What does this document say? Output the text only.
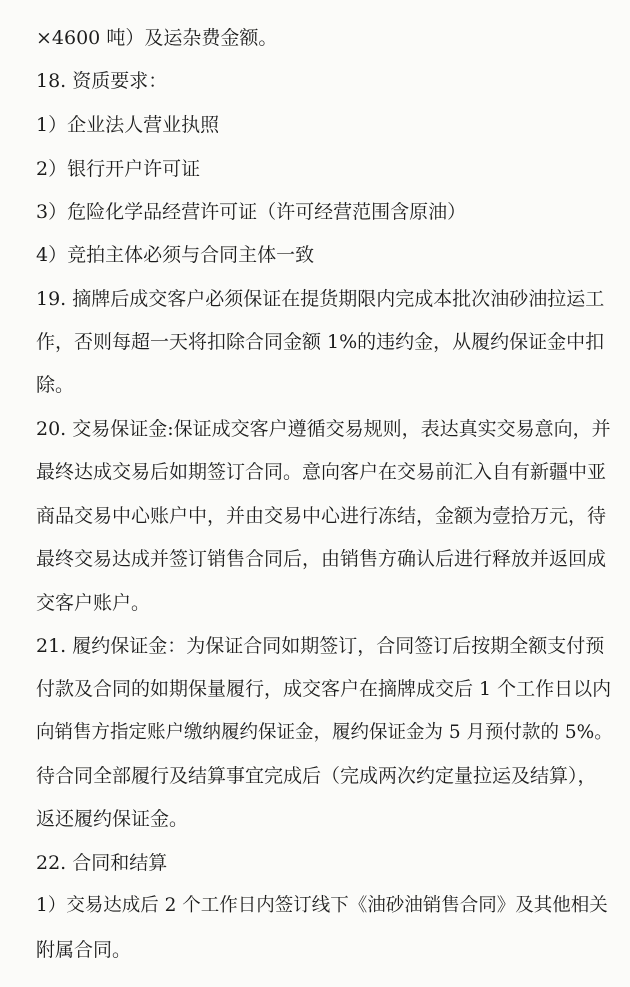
×4600 吨）及运杂费金额。
18. 资质要求：
1）企业法人营业执照
2）银行开户许可证
3）危险化学品经营许可证（许可经营范围含原油）
4）竞拍主体必须与合同主体一致
19. 摘牌后成交客户必须保证在提货期限内完成本批次油砂油拉运工
作，否则每超一天将扣除合同金额 1%的违约金，从履约保证金中扣
除。
20. 交易保证金:保证成交客户遵循交易规则，表达真实交易意向，并
最终达成交易后如期签订合同。意向客户在交易前汇入自有新疆中亚
商品交易中心账户中，并由交易中心进行冻结，金额为壹拾万元，待
最终交易达成并签订销售合同后，由销售方确认后进行释放并返回成
交客户账户。
21. 履约保证金：为保证合同如期签订，合同签订后按期全额支付预
付款及合同的如期保量履行，成交客户在摘牌成交后 1 个工作日以内
向销售方指定账户缴纳履约保证金，履约保证金为 5 月预付款的 5%。
待合同全部履行及结算事宜完成后（完成两次约定量拉运及结算），
返还履约保证金。
22. 合同和结算
1）交易达成后 2 个工作日内签订线下《油砂油销售合同》及其他相关
附属合同。
